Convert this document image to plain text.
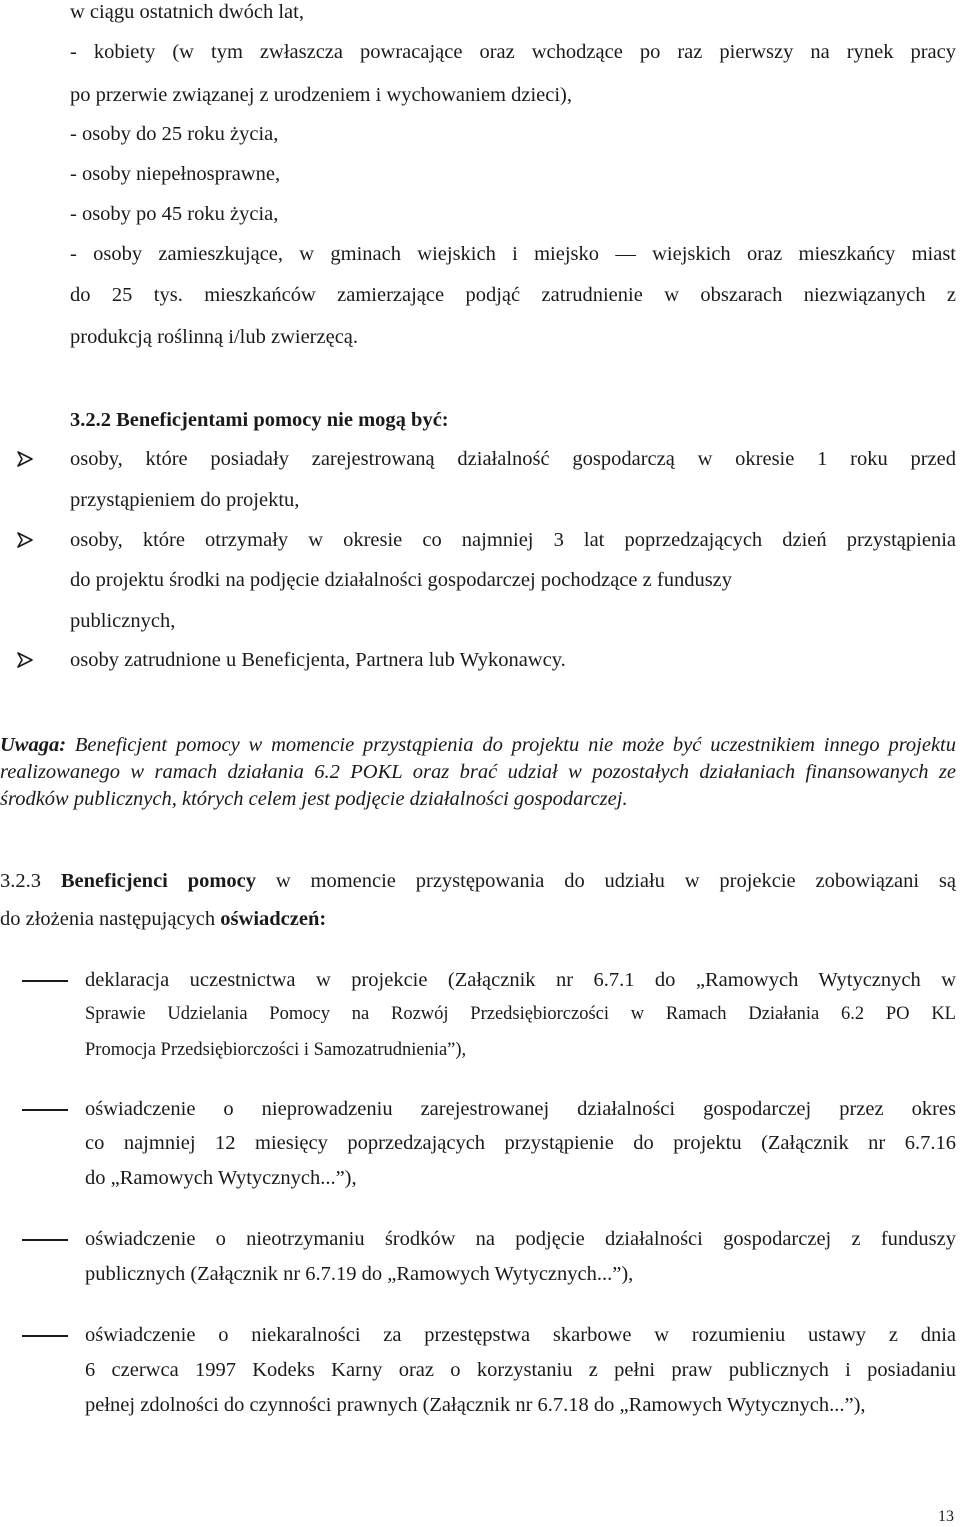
w ciągu ostatnich dwóch lat,
- kobiety (w tym zwłaszcza powracające oraz wchodzące po raz pierwszy na rynek pracy
po przerwie związanej z urodzeniem i wychowaniem dzieci),
- osoby do 25 roku życia,
- osoby niepełnosprawne,
- osoby po 45 roku życia,
- osoby zamieszkujące, w gminach wiejskich i miejsko — wiejskich oraz mieszkańcy miast
do 25 tys. mieszkańców zamierzające podjąć zatrudnienie w obszarach niezwiązanych z
produkcją roślinną i/lub zwierzęcą.
3.2.2 Beneficjentami pomocy nie mogą być:
osoby, które posiadały zarejestrowaną działalność gospodarczą w okresie 1 roku przed
przystąpieniem do projektu,
osoby, które otrzymały w okresie co najmniej 3 lat poprzedzających dzień przystąpienia
do projektu środki na podjęcie działalności gospodarczej pochodzące z funduszy
publicznych,
osoby zatrudnione u Beneficjenta, Partnera lub Wykonawcy.
Uwaga: Beneficjent pomocy w momencie przystąpienia do projektu nie może być uczestnikiem innego projektu realizowanego w ramach działania 6.2 POKL oraz brać udział w pozostałych działaniach finansowanych ze środków publicznych, których celem jest podjęcie działalności gospodarczej.
3.2.3 Beneficjenci pomocy w momencie przystępowania do udziału w projekcie zobowiązani są
do złożenia następujących oświadczeń:
deklaracja uczestnictwa w projekcie (Załącznik nr 6.7.1 do „Ramowych Wytycznych w
Sprawie Udzielania Pomocy na Rozwój Przedsiębiorczości w Ramach Działania 6.2 PO KL
Promocja Przedsiębiorczości i Samozatrudnienia”),
oświadczenie o nieprowadzeniu zarejestrowanej działalności gospodarczej przez okres
co najmniej 12 miesięcy poprzedzających przystąpienie do projektu (Załącznik nr 6.7.16
do „Ramowych Wytycznych...”),
oświadczenie o nieotrzymaniu środków na podjęcie działalności gospodarczej z funduszy
publicznych (Załącznik nr 6.7.19 do „Ramowych Wytycznych...”),
oświadczenie o niekaralności za przestępstwa skarbowe w rozumieniu ustawy z dnia
6 czerwca 1997 Kodeks Karny oraz o korzystaniu z pełni praw publicznych i posiadaniu
pełnej zdolności do czynności prawnych (Załącznik nr 6.7.18 do „Ramowych Wytycznych...”),
13
